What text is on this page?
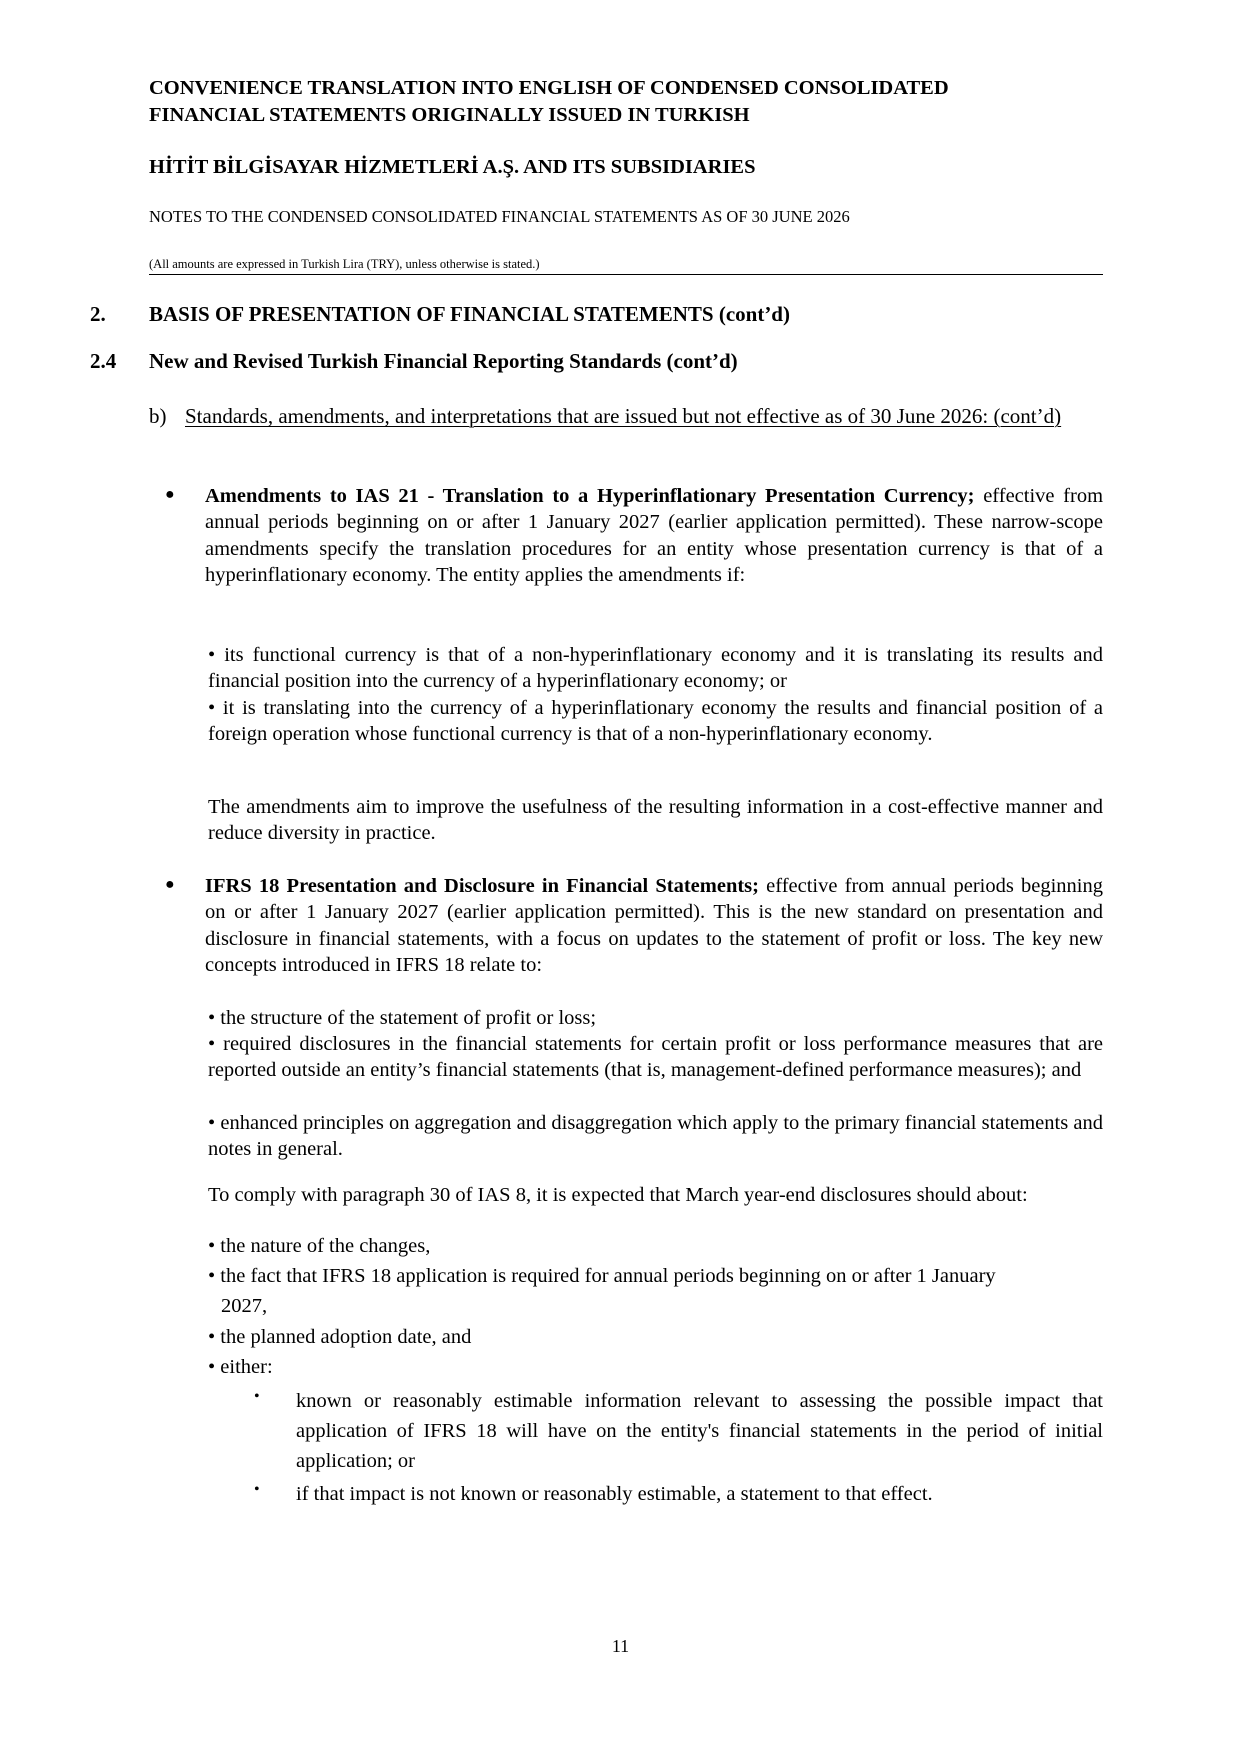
CONVENIENCE TRANSLATION INTO ENGLISH OF CONDENSED CONSOLIDATED
FINANCIAL STATEMENTS ORIGINALLY ISSUED IN TURKISH
HİTİT BİLGİSAYAR HİZMETLERİ A.Ş. AND ITS SUBSIDIARIES
NOTES TO THE CONDENSED CONSOLIDATED FINANCIAL STATEMENTS AS OF 30 JUNE 2026
(All amounts are expressed in Turkish Lira (TRY), unless otherwise is stated.)
2. BASIS OF PRESENTATION OF FINANCIAL STATEMENTS (cont’d)
2.4 New and Revised Turkish Financial Reporting Standards (cont’d)
b) Standards, amendments, and interpretations that are issued but not effective as of 30 June 2026: (cont’d)
● Amendments to IAS 21 - Translation to a Hyperinflationary Presentation Currency; effective from annual periods beginning on or after 1 January 2027 (earlier application permitted). These narrow-scope amendments specify the translation procedures for an entity whose presentation currency is that of a hyperinflationary economy. The entity applies the amendments if:
• its functional currency is that of a non-hyperinflationary economy and it is translating its results and financial position into the currency of a hyperinflationary economy; or
• it is translating into the currency of a hyperinflationary economy the results and financial position of a foreign operation whose functional currency is that of a non-hyperinflationary economy.
The amendments aim to improve the usefulness of the resulting information in a cost-effective manner and reduce diversity in practice.
● IFRS 18 Presentation and Disclosure in Financial Statements; effective from annual periods beginning on or after 1 January 2027 (earlier application permitted). This is the new standard on presentation and disclosure in financial statements, with a focus on updates to the statement of profit or loss. The key new concepts introduced in IFRS 18 relate to:
• the structure of the statement of profit or loss;
• required disclosures in the financial statements for certain profit or loss performance measures that are reported outside an entity’s financial statements (that is, management-defined performance measures); and
• enhanced principles on aggregation and disaggregation which apply to the primary financial statements and notes in general.
To comply with paragraph 30 of IAS 8, it is expected that March year-end disclosures should about:
• the nature of the changes,
• the fact that IFRS 18 application is required for annual periods beginning on or after 1 January
2027,
• the planned adoption date, and
• either:
• known or reasonably estimable information relevant to assessing the possible impact that application of IFRS 18 will have on the entity's financial statements in the period of initial application; or
• if that impact is not known or reasonably estimable, a statement to that effect.
11
